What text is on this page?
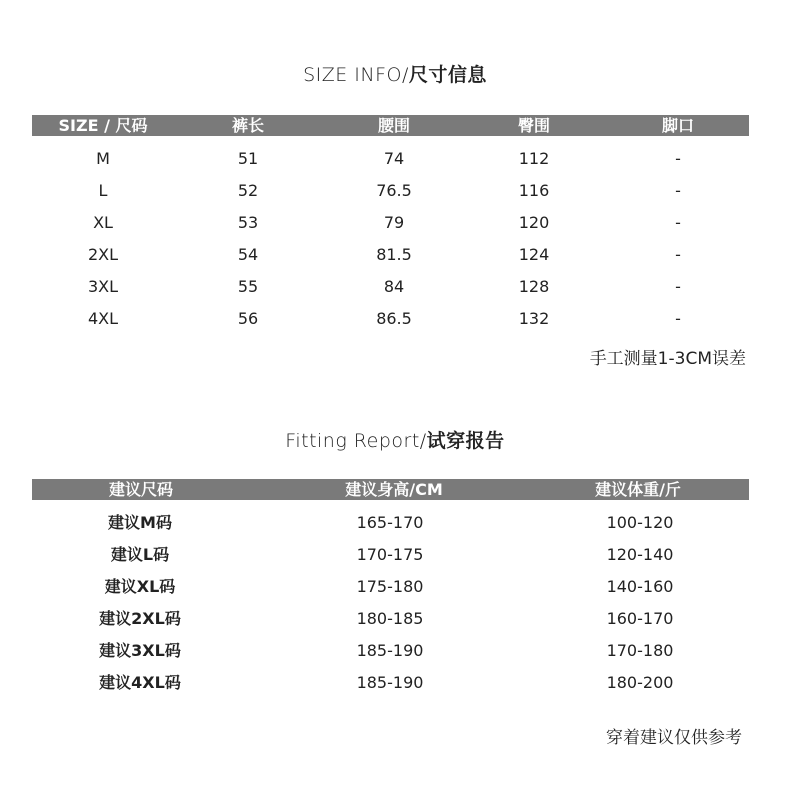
SIZE INFO/尺寸信息
SIZE / 尺码	裤长	腰围	臀围	脚口
M	51	74	112	-
L	52	76.5	116	-
XL	53	79	120	-
2XL	54	81.5	124	-
3XL	55	84	128	-
4XL	56	86.5	132	-
手工测量1-3CM误差
Fitting Report/试穿报告
建议尺码	建议身高/CM	建议体重/斤
建议M码	165-170	100-120
建议L码	170-175	120-140
建议XL码	175-180	140-160
建议2XL码	180-185	160-170
建议3XL码	185-190	170-180
建议4XL码	185-190	180-200
穿着建议仅供参考
